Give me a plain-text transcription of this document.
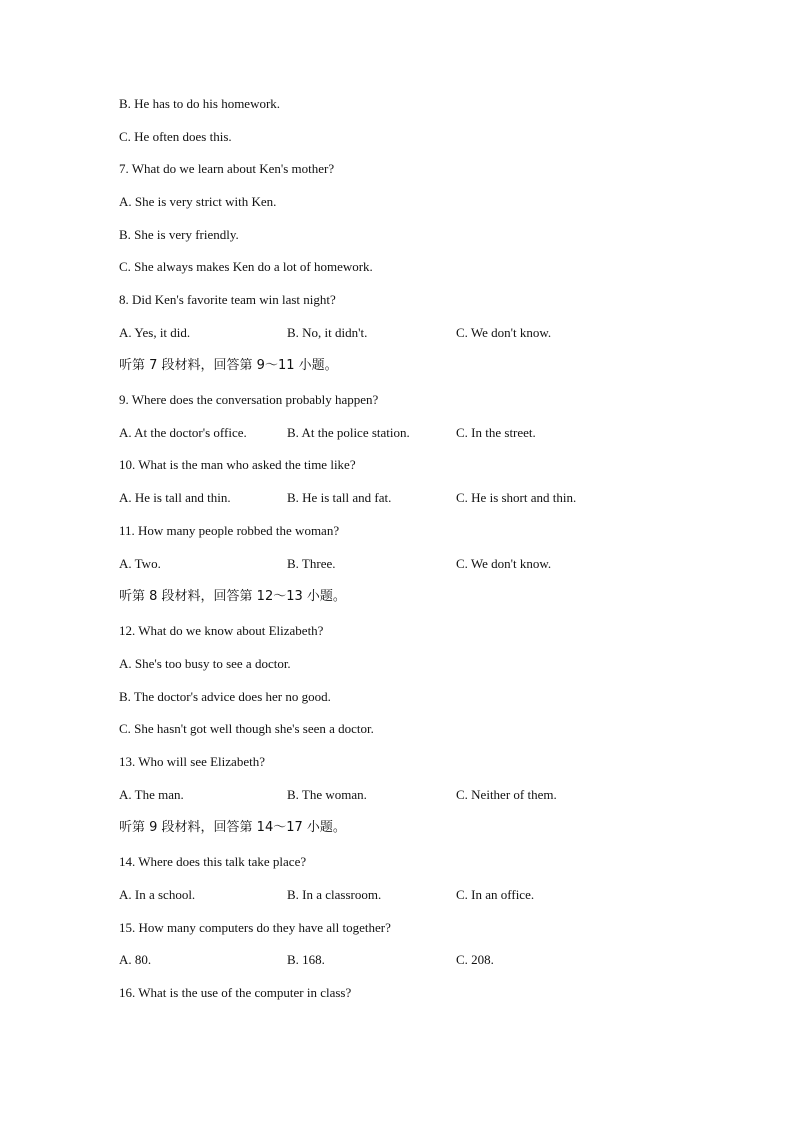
B. He has to do his homework.
C. He often does this.
7. What do we learn about Ken's mother?
A. She is very strict with Ken.
B. She is very friendly.
C. She always makes Ken do a lot of homework.
8. Did Ken's favorite team win last night?
A. Yes, it did.	B. No, it didn't.	C. We don't know.
听第 7 段材料，回答第 9～11 小题。
9. Where does the conversation probably happen?
A. At the doctor's office.	B. At the police station.	C. In the street.
10. What is the man who asked the time like?
A. He is tall and thin.	B. He is tall and fat.	C. He is short and thin.
11. How many people robbed the woman?
A. Two.	B. Three.	C. We don't know.
听第 8 段材料，回答第 12～13 小题。
12. What do we know about Elizabeth?
A. She's too busy to see a doctor.
B. The doctor's advice does her no good.
C. She hasn't got well though she's seen a doctor.
13. Who will see Elizabeth?
A. The man.	B. The woman.	C. Neither of them.
听第 9 段材料，回答第 14～17 小题。
14. Where does this talk take place?
A. In a school.	B. In a classroom.	C. In an office.
15. How many computers do they have all together?
A. 80.	B. 168.	C. 208.
16. What is the use of the computer in class?
